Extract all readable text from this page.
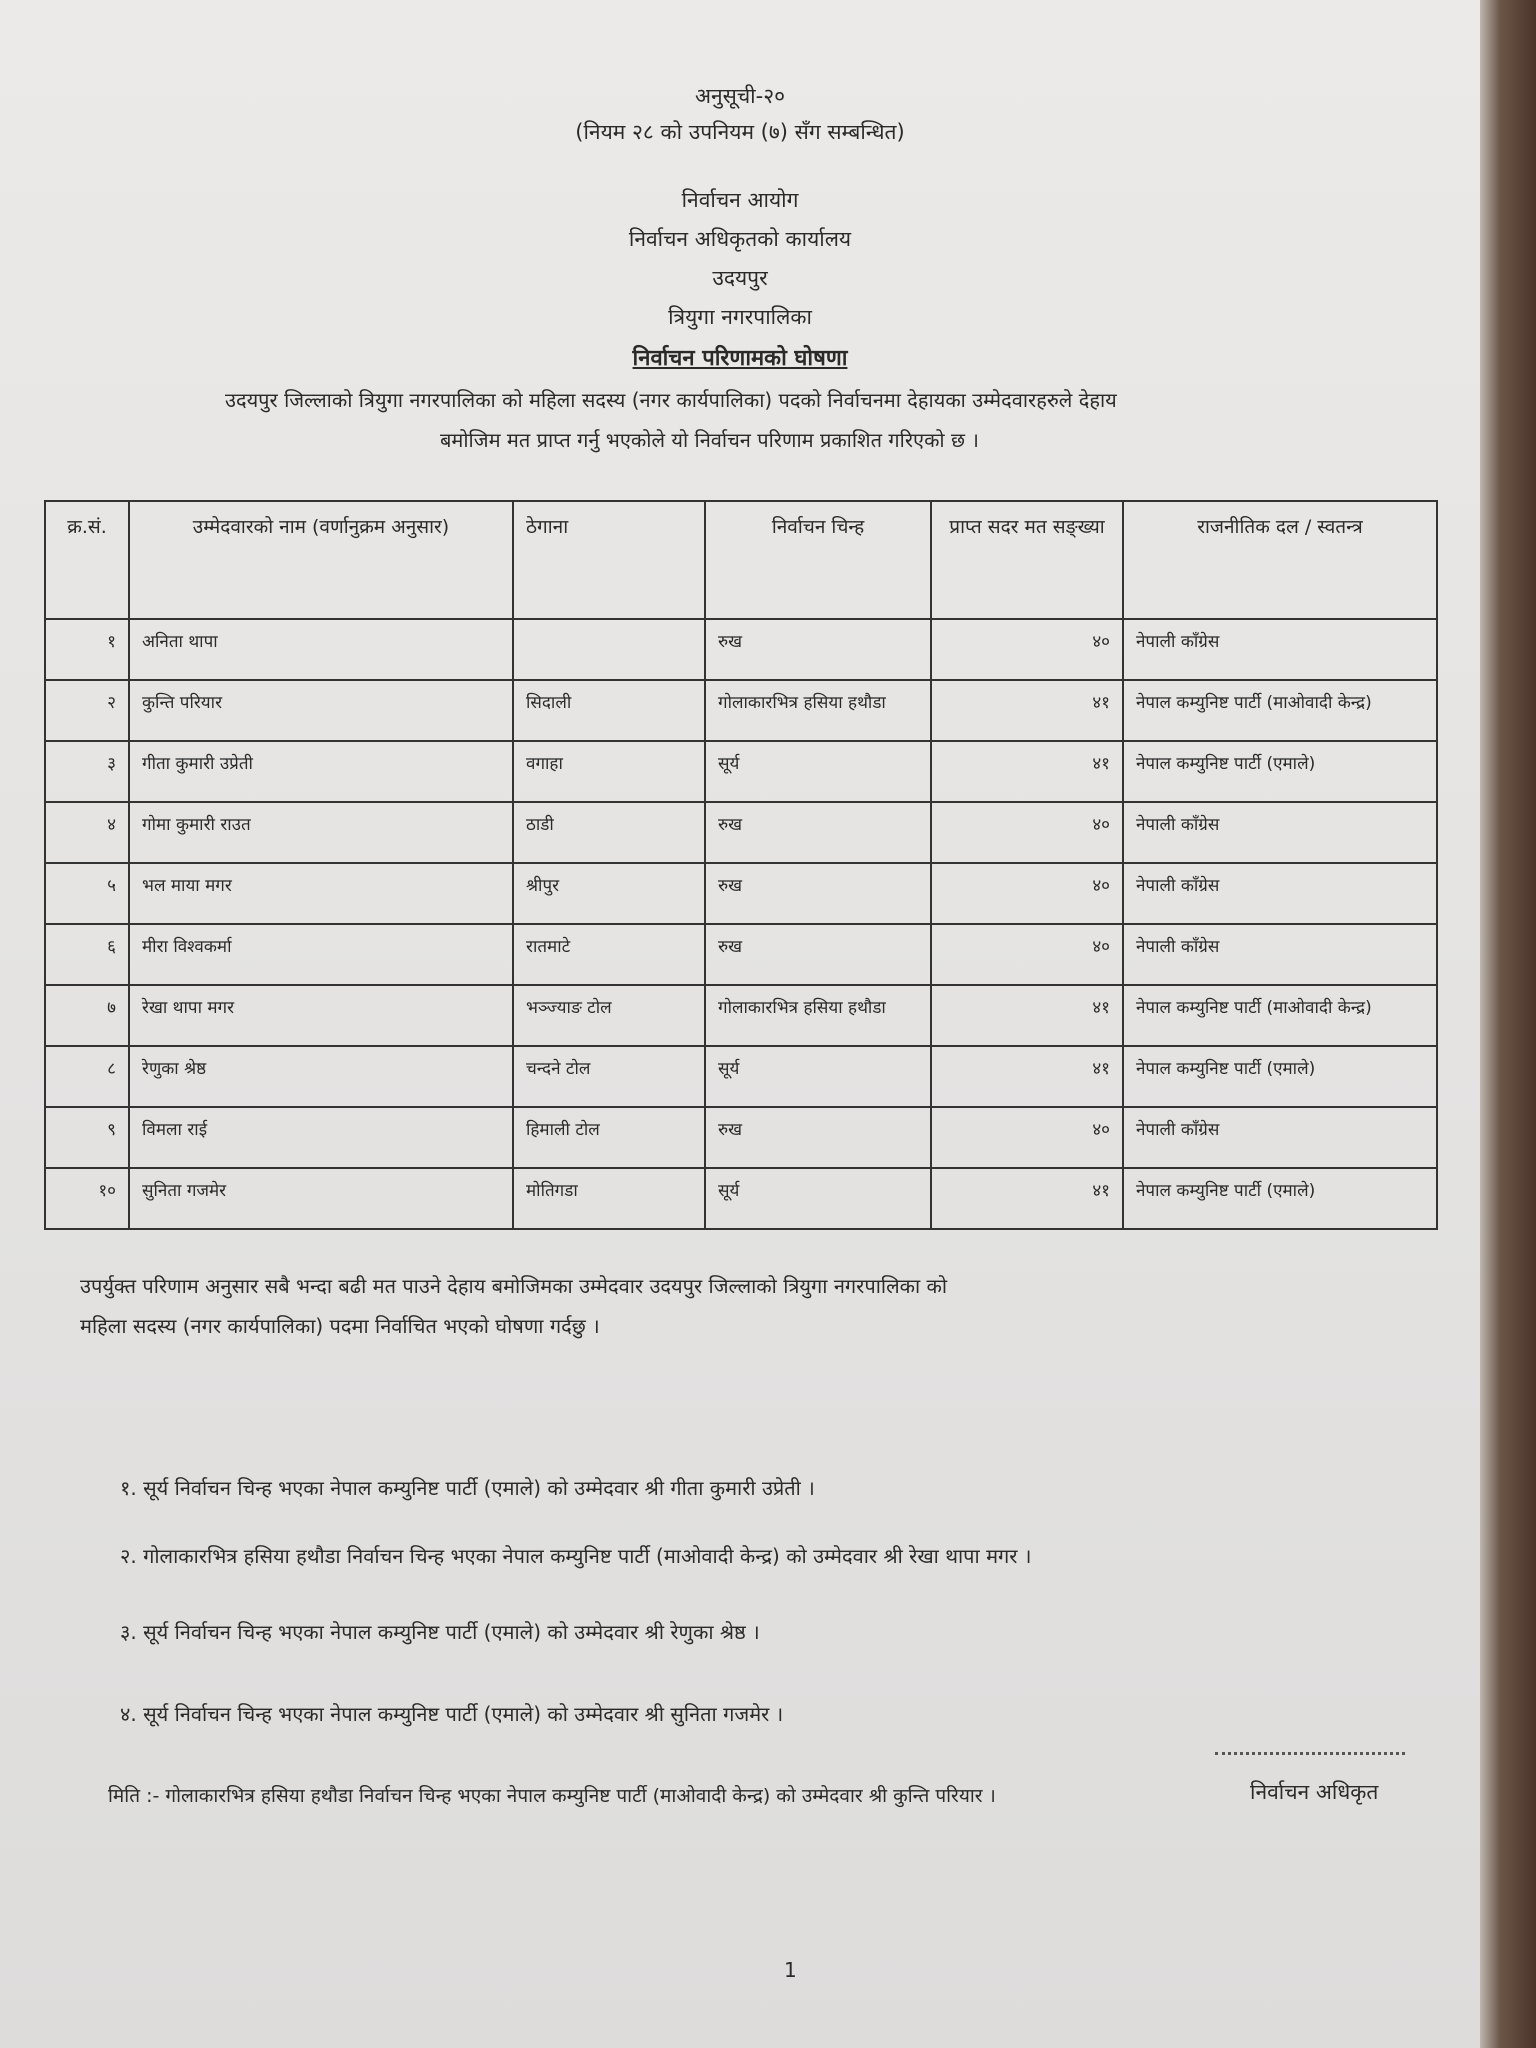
अनुसूची-२०
(नियम २८ को उपनियम (७) सँग सम्बन्धित)
निर्वाचन आयोग
निर्वाचन अधिकृतको कार्यालय
उदयपुर
त्रियुगा नगरपालिका
निर्वाचन परिणामको घोषणा
उदयपुर जिल्लाको त्रियुगा नगरपालिका को महिला सदस्य (नगर कार्यपालिका) पदको निर्वाचनमा देहायका उम्मेदवारहरुले देहाय
बमोजिम मत प्राप्त गर्नु भएकोले यो निर्वाचन परिणाम प्रकाशित गरिएको छ ।
क्र.सं.	उम्मेदवारको नाम (वर्णानुक्रम अनुसार)	ठेगाना	निर्वाचन चिन्ह	प्राप्त सदर मत सङ्ख्या	राजनीतिक दल / स्वतन्त्र
१	अनिता थापा		रुख	४०	नेपाली काँग्रेस
२	कुन्ति परियार	सिदाली	गोलाकारभित्र हसिया हथौडा	४१	नेपाल कम्युनिष्ट पार्टी (माओवादी केन्द्र)
३	गीता कुमारी उप्रेती	वगाहा	सूर्य	४१	नेपाल कम्युनिष्ट पार्टी (एमाले)
४	गोमा कुमारी राउत	ठाडी	रुख	४०	नेपाली काँग्रेस
५	भल माया मगर	श्रीपुर	रुख	४०	नेपाली काँग्रेस
६	मीरा विश्वकर्मा	रातमाटे	रुख	४०	नेपाली काँग्रेस
७	रेखा थापा मगर	भञ्ज्याङ टोल	गोलाकारभित्र हसिया हथौडा	४१	नेपाल कम्युनिष्ट पार्टी (माओवादी केन्द्र)
८	रेणुका श्रेष्ठ	चन्दने टोल	सूर्य	४१	नेपाल कम्युनिष्ट पार्टी (एमाले)
९	विमला राई	हिमाली टोल	रुख	४०	नेपाली काँग्रेस
१०	सुनिता गजमेर	मोतिगडा	सूर्य	४१	नेपाल कम्युनिष्ट पार्टी (एमाले)
उपर्युक्त परिणाम अनुसार सबै भन्दा बढी मत पाउने देहाय बमोजिमका उम्मेदवार उदयपुर जिल्लाको त्रियुगा नगरपालिका को
महिला सदस्य (नगर कार्यपालिका) पदमा निर्वाचित भएको घोषणा गर्दछु ।
१. सूर्य निर्वाचन चिन्ह भएका नेपाल कम्युनिष्ट पार्टी (एमाले) को उम्मेदवार श्री गीता कुमारी उप्रेती ।
२. गोलाकारभित्र हसिया हथौडा निर्वाचन चिन्ह भएका नेपाल कम्युनिष्ट पार्टी (माओवादी केन्द्र) को उम्मेदवार श्री रेखा थापा मगर ।
३. सूर्य निर्वाचन चिन्ह भएका नेपाल कम्युनिष्ट पार्टी (एमाले) को उम्मेदवार श्री रेणुका श्रेष्ठ ।
४. सूर्य निर्वाचन चिन्ह भएका नेपाल कम्युनिष्ट पार्टी (एमाले) को उम्मेदवार श्री सुनिता गजमेर ।
मिति :- गोलाकारभित्र हसिया हथौडा निर्वाचन चिन्ह भएका नेपाल कम्युनिष्ट पार्टी (माओवादी केन्द्र) को उम्मेदवार श्री कुन्ति परियार ।	निर्वाचन अधिकृत
1
